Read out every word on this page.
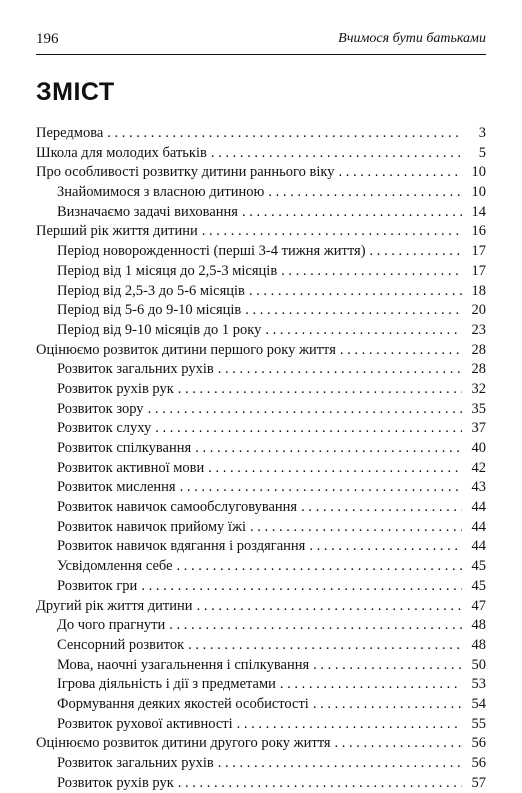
196	Вчимося бути батьками
ЗМІСТ
Передмова . . .	3
Школа для молодих батьків . . .	5
Про особливості розвитку дитини раннього віку . . .	10
Знайомимося з власною дитиною . . .	10
Визначаємо задачі виховання . . .	14
Перший рік життя дитини . . .	16
Період новорожденності (перші 3-4 тижня життя) . . .	17
Період від 1 місяця до 2,5-3 місяців . . .	17
Період від 2,5-3 до 5-6 місяців . . .	18
Період від 5-6 до 9-10 місяців . . .	20
Період від 9-10 місяців до 1 року . . .	23
Оцінюємо розвиток дитини першого року життя . . .	28
Розвиток загальних рухів . . .	28
Розвиток рухів рук . . .	32
Розвиток зору . . .	35
Розвиток слуху . . .	37
Розвиток спілкування . . .	40
Розвиток активної мови . . .	42
Розвиток мислення . . .	43
Розвиток навичок самообслуговування . . .	44
Розвиток навичок прийому їжі . . .	44
Розвиток навичок вдягання і роздягання . . .	44
Усвідомлення себе . . .	45
Розвиток гри . . .	45
Другий рік життя дитини . . .	47
До чого прагнути . . .	48
Сенсорний розвиток . . .	48
Мова, наочні узагальнення і спілкування . . .	50
Ігрова діяльність і дії з предметами . . .	53
Формування деяких якостей особистості . . .	54
Розвиток рухової активності . . .	55
Оцінюємо розвиток дитини другого року життя . . .	56
Розвиток загальних рухів . . .	56
Розвиток рухів рук . . .	57
